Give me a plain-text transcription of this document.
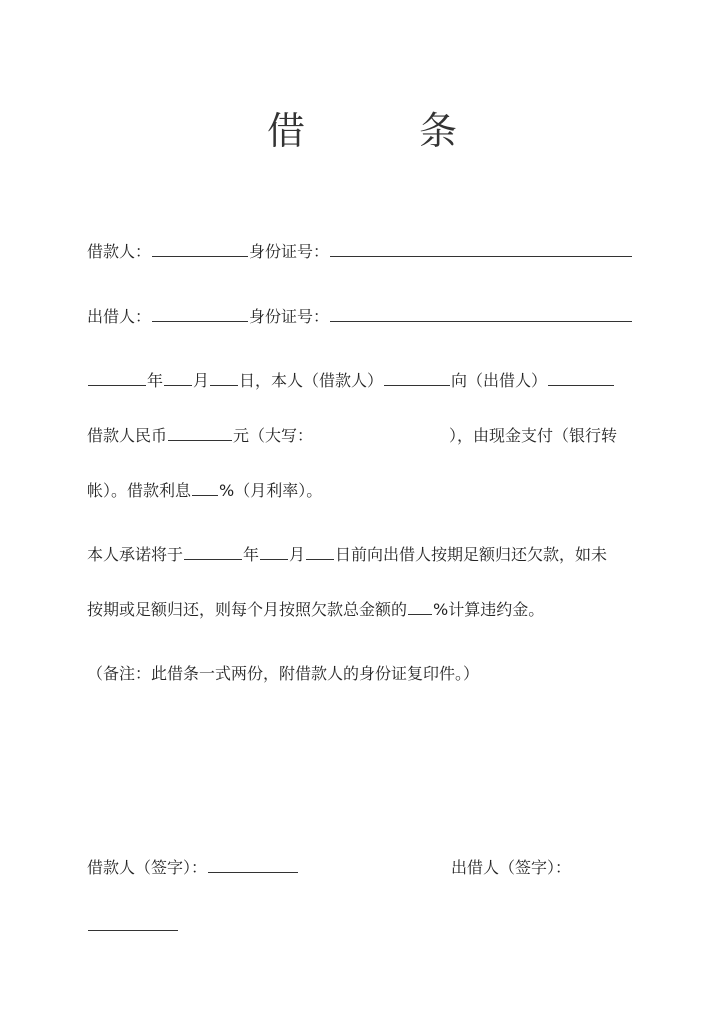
借　条
借款人：	身份证号：
出借人：	身份证号：
年 月 日，本人（借款人）	向（出借人）
借款人民币	元（大写：	），由现金支付（银行转
帐）。借款利息 %（月利率）。
本人承诺将于	年 月 日前向出借人按期足额归还欠款，如未
按期或足额归还，则每个月按照欠款总金额的 %计算违约金。
（备注：此借条一式两份，附借款人的身份证复印件。）
借款人（签字）：	出借人（签字）：
